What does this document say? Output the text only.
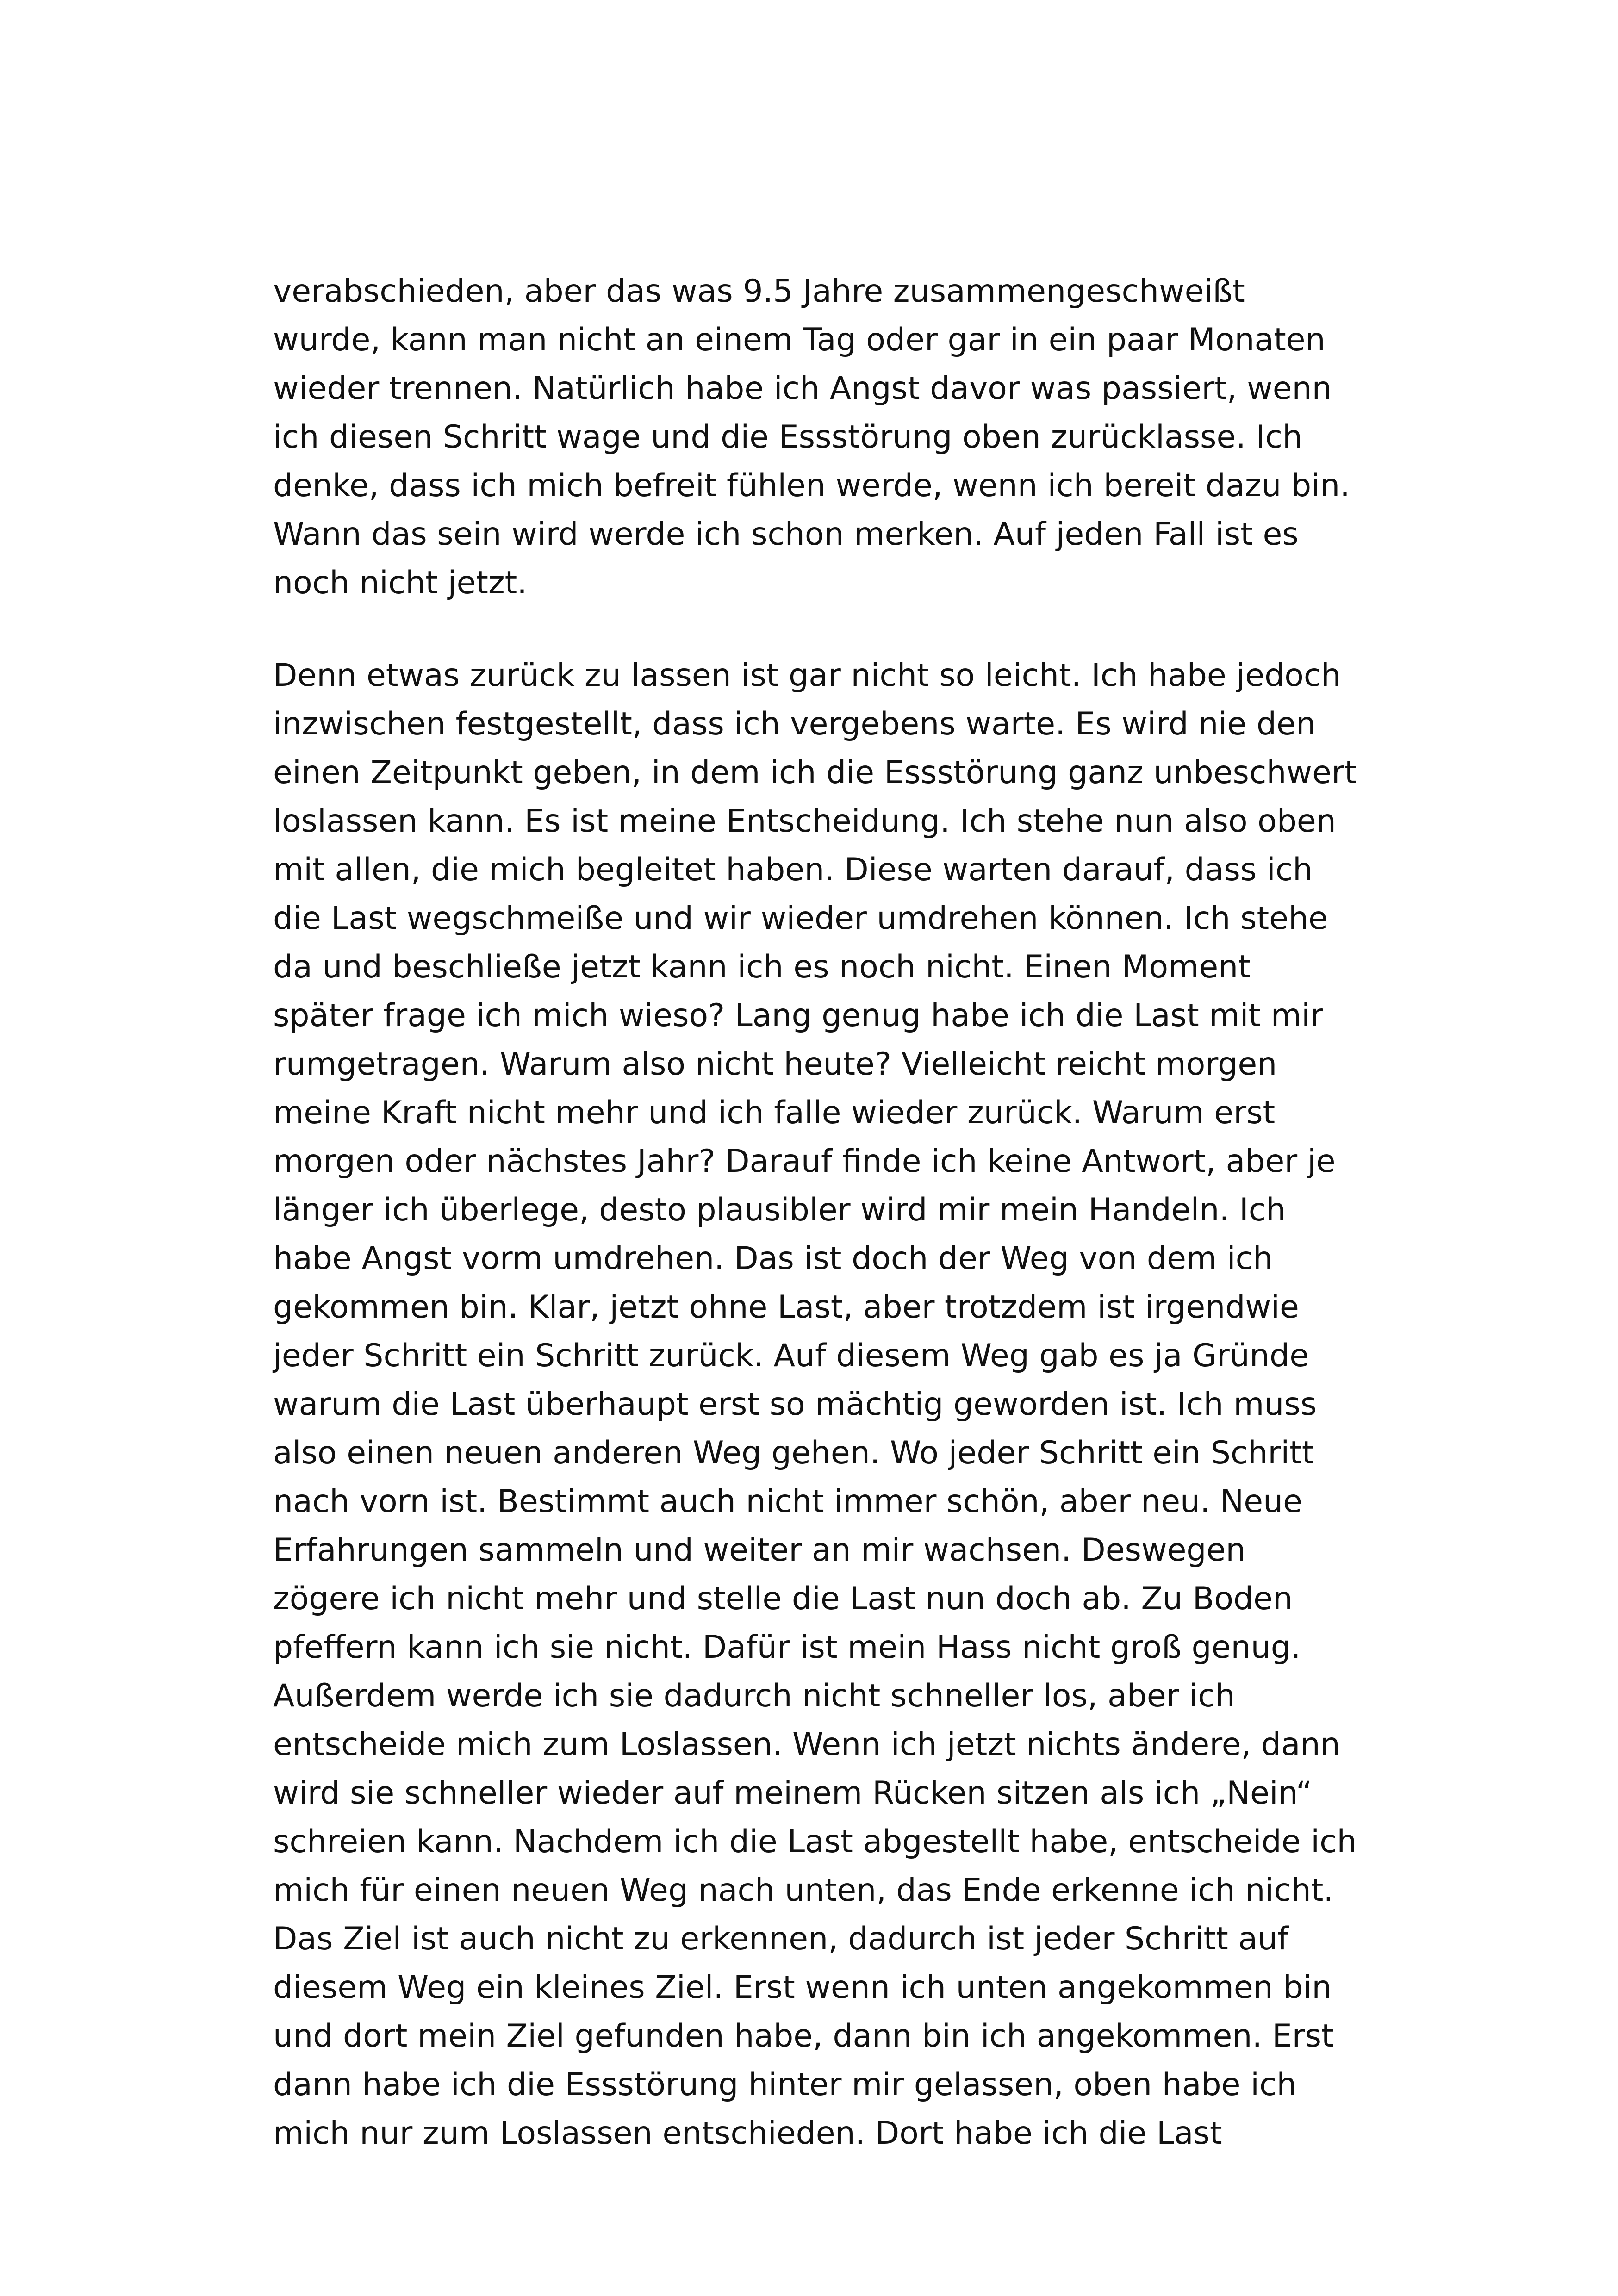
verabschieden, aber das was 9.5 Jahre zusammengeschweißt
wurde, kann man nicht an einem Tag oder gar in ein paar Monaten
wieder trennen. Natürlich habe ich Angst davor was passiert, wenn
ich diesen Schritt wage und die Essstörung oben zurücklasse. Ich
denke, dass ich mich befreit fühlen werde, wenn ich bereit dazu bin.
Wann das sein wird werde ich schon merken. Auf jeden Fall ist es
noch nicht jetzt.
Denn etwas zurück zu lassen ist gar nicht so leicht. Ich habe jedoch
inzwischen festgestellt, dass ich vergebens warte. Es wird nie den
einen Zeitpunkt geben, in dem ich die Essstörung ganz unbeschwert
loslassen kann. Es ist meine Entscheidung. Ich stehe nun also oben
mit allen, die mich begleitet haben. Diese warten darauf, dass ich
die Last wegschmeiße und wir wieder umdrehen können. Ich stehe
da und beschließe jetzt kann ich es noch nicht. Einen Moment
später frage ich mich wieso? Lang genug habe ich die Last mit mir
rumgetragen. Warum also nicht heute? Vielleicht reicht morgen
meine Kraft nicht mehr und ich falle wieder zurück. Warum erst
morgen oder nächstes Jahr? Darauf finde ich keine Antwort, aber je
länger ich überlege, desto plausibler wird mir mein Handeln. Ich
habe Angst vorm umdrehen. Das ist doch der Weg von dem ich
gekommen bin. Klar, jetzt ohne Last, aber trotzdem ist irgendwie
jeder Schritt ein Schritt zurück. Auf diesem Weg gab es ja Gründe
warum die Last überhaupt erst so mächtig geworden ist. Ich muss
also einen neuen anderen Weg gehen. Wo jeder Schritt ein Schritt
nach vorn ist. Bestimmt auch nicht immer schön, aber neu. Neue
Erfahrungen sammeln und weiter an mir wachsen. Deswegen
zögere ich nicht mehr und stelle die Last nun doch ab. Zu Boden
pfeffern kann ich sie nicht. Dafür ist mein Hass nicht groß genug.
Außerdem werde ich sie dadurch nicht schneller los, aber ich
entscheide mich zum Loslassen. Wenn ich jetzt nichts ändere, dann
wird sie schneller wieder auf meinem Rücken sitzen als ich „Nein“
schreien kann. Nachdem ich die Last abgestellt habe, entscheide ich
mich für einen neuen Weg nach unten, das Ende erkenne ich nicht.
Das Ziel ist auch nicht zu erkennen, dadurch ist jeder Schritt auf
diesem Weg ein kleines Ziel. Erst wenn ich unten angekommen bin
und dort mein Ziel gefunden habe, dann bin ich angekommen. Erst
dann habe ich die Essstörung hinter mir gelassen, oben habe ich
mich nur zum Loslassen entschieden. Dort habe ich die Last
